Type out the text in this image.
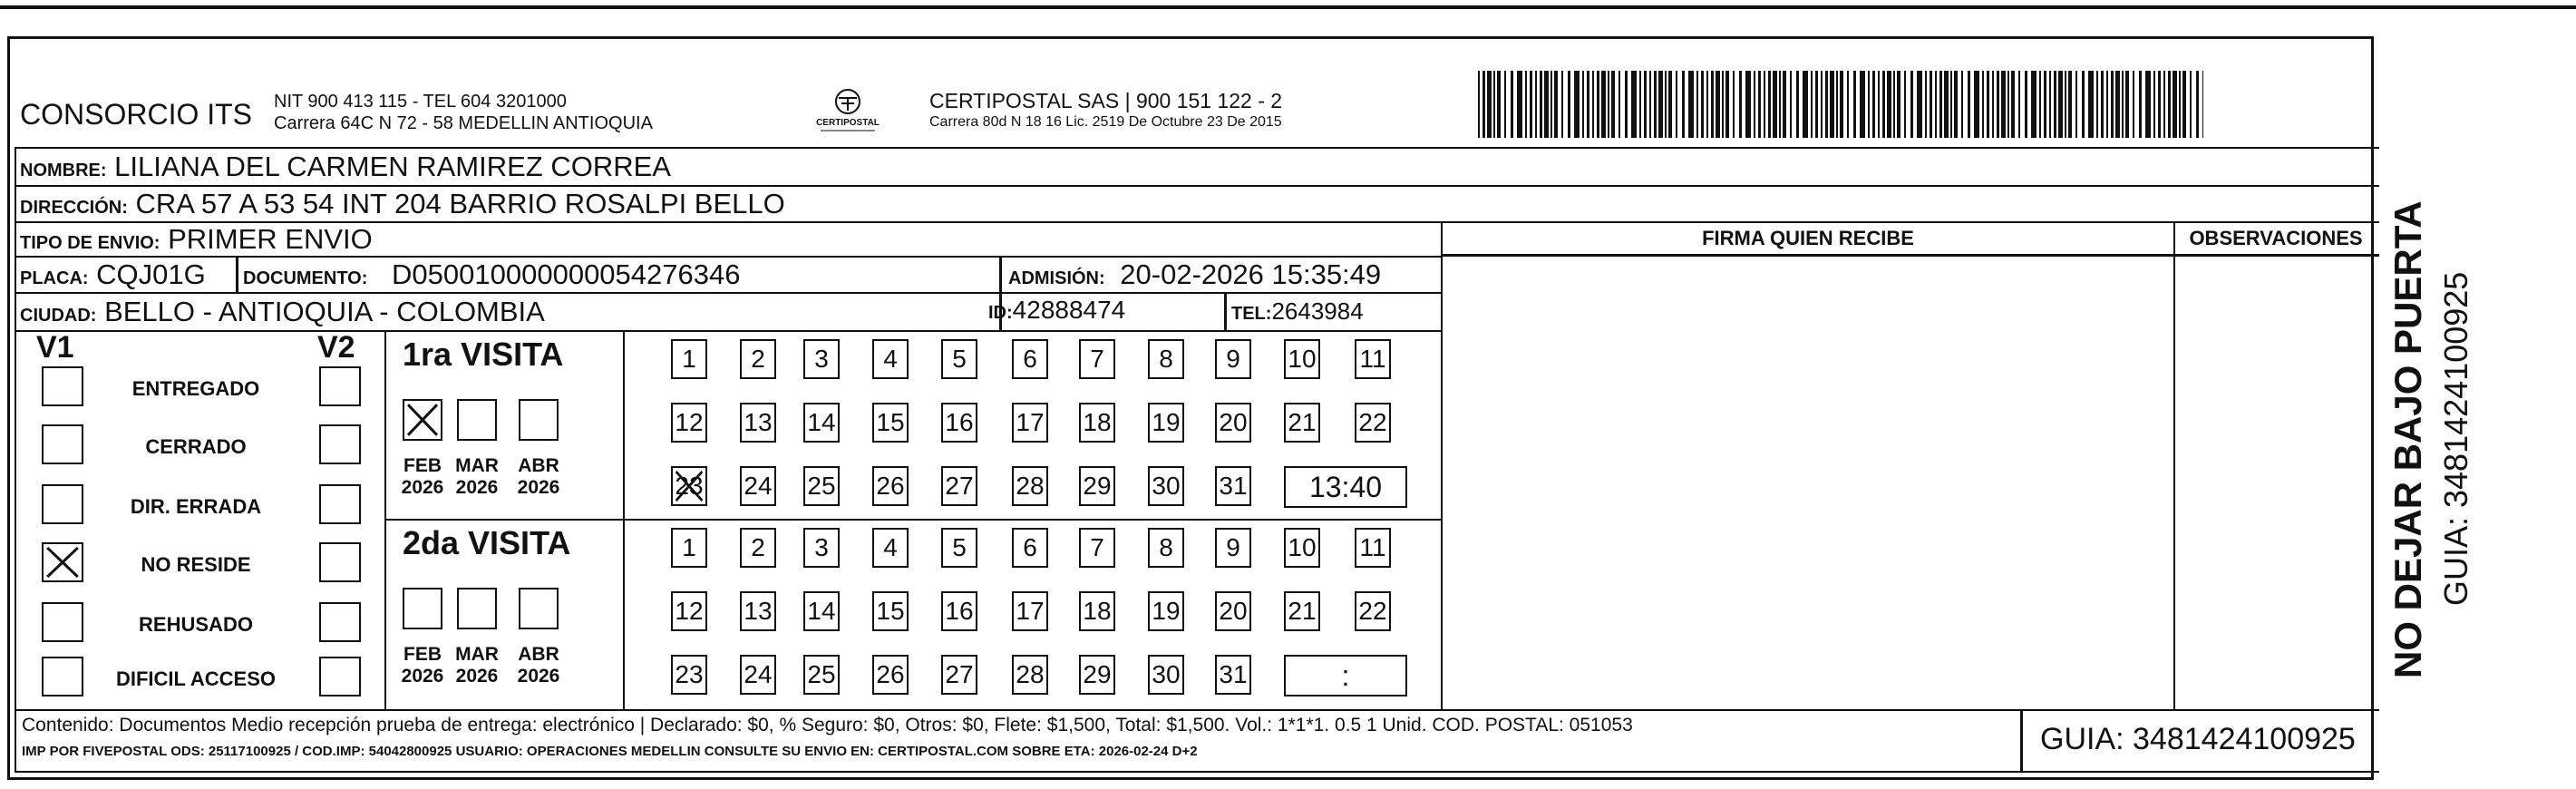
CONSORCIO ITS NIT 900 413 115 - TEL 604 3201000
Carrera 64C N 72 - 58 MEDELLIN ANTIOQUIA	CERTIPOSTAL
CERTIPOSTAL SAS | 900 151 122 - 2
Carrera 80d N 18 16 Lic. 2519 De Octubre 23 De 2015
NOMBRE: LILIANA DEL CARMEN RAMIREZ CORREA
DIRECCIÓN: CRA 57 A 53 54 INT 204 BARRIO ROSALPI BELLO
TIPO DE ENVIO: PRIMER ENVIO
PLACA: CQJ01G DOCUMENTO: D050010000000054276346	ADMISIÓN: 20-02-2026 15:35:49
CIUDAD: BELLO - ANTIOQUIA - COLOMBIA	ID:42888474	TEL:2643984
FIRMA QUIEN RECIBE	OBSERVACIONES
V1	V2
ENTREGADO
CERRADO
DIR. ERRADA
NO RESIDE
REHUSADO
DIFICIL ACCESO
1ra VISITA
FEB
2026
MAR
2026
ABR
2026
1	2	3	4	5	6	7	8	9	10 11
12 13 14 15 16 17 18 19 20 21 22
23 24 25 26 27 28 29 30 31	13:40
2da VISITA
FEB
2026
MAR
2026
ABR
2026
1	2	3	4	5	6	7	8	9	10 11
12 13 14 15 16 17 18 19 20 21 22
23 24 25 26 27 28 29 30 31	:
Contenido: Documentos Medio recepción prueba de entrega: electrónico | Declarado: $0, % Seguro: $0, Otros: $0, Flete: $1,500, Total: $1,500. Vol.: 1*1*1. 0.5 1 Unid. COD. POSTAL: 051053
IMP POR FIVEPOSTAL ODS: 25117100925 / COD.IMP: 54042800925 USUARIO: OPERACIONES MEDELLIN CONSULTE SU ENVIO EN: CERTIPOSTAL.COM SOBRE ETA: 2026-02-24 D+2	GUIA: 3481424100925
NO DEJAR BAJO PUERTA GUIA: 3481424100925
